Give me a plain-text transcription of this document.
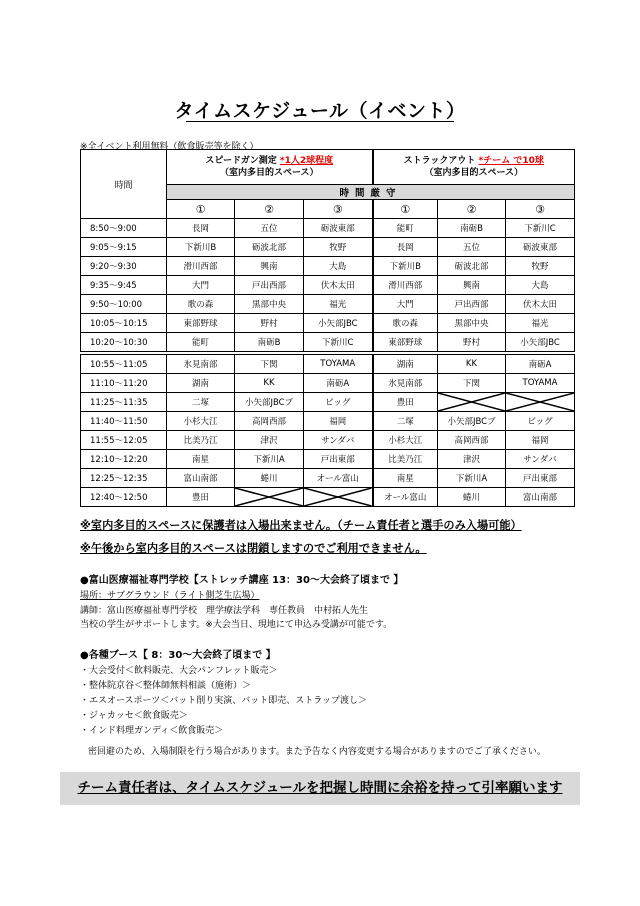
タイムスケジュール（イベント）
※全イベント利用無料（飲食販売等を除く）
時間	スピードガン測定 *1人2球程度
（室内多目的スペース）			ストラックアウト *チーム で10球
（室内多目的スペース）		
	時間厳守					
	①	②	③	①	②	③
8:50～9:00	長岡	五位	砺波東部	能町	南砺B	下新川C
9:05～9:15	下新川B	砺波北部	牧野	長岡	五位	砺波東部
9:20～9:30	滑川西部	興南	大島	下新川B	砺波北部	牧野
9:35～9:45	大門	戸出西部	伏木太田	滑川西部	興南	大島
9:50～10:00	歌の森	黒部中央	福光	大門	戸出西部	伏木太田
10:05～10:15	東部野球	野村	小矢部JBC	歌の森	黒部中央	福光
10:20～10:30	能町	南砺B	下新川C	東部野球	野村	小矢部JBC
10:55～11:05	氷見南部	下関	TOYAMA	湖南	KK	南砺A
11:10～11:20	湖南	KK	南砺A	氷見南部	下関	TOYAMA
11:25～11:35	二塚	小矢部JBCブ	ビッグ	豊田	

11:40～11:50	小杉大江	高岡西部	福岡	二塚	小矢部JBCブ	ビッグ
11:55～12:05	比美乃江	津沢	サンダバ	小杉大江	高岡西部	福岡
12:10～12:20	南星	下新川A	戸出東部	比美乃江	津沢	サンダバ
12:25～12:35	富山南部	蜷川	オール富山	南星	下新川A	戸出東部
12:40～12:50	豊田			オール富山	蜷川	富山南部
※室内多目的スペースに保護者は入場出来ません。（チーム責任者と選手のみ入場可能）
※午後から室内多目的スペースは閉鎖しますのでご利用できません。
●富山医療福祉専門学校【ストレッチ講座 13：30～大会終了頃まで 】
場所：サブグラウンド（ライト側芝生広場）
講師：富山医療福祉専門学校　理学療法学科　専任教員　中村拓人先生
当校の学生がサポートします。※大会当日、現地にて申込み受講が可能です。
●各種ブース【 8：30～大会終了頃まで 】
・大会受付＜飲料販売、大会パンフレット販売＞
・整体院京谷＜整体師無料相談（施術）＞
・エスオースポーツ＜バット削り実演、バット即売、ストラップ渡し＞
・ジャカッセ＜飲食販売＞
・インド料理ガンディ＜飲食販売＞
密回避のため、入場制限を行う場合があります。また予告なく内容変更する場合がありますのでご了承ください。
チーム責任者は、タイムスケジュールを把握し時間に余裕を持って引率願います
